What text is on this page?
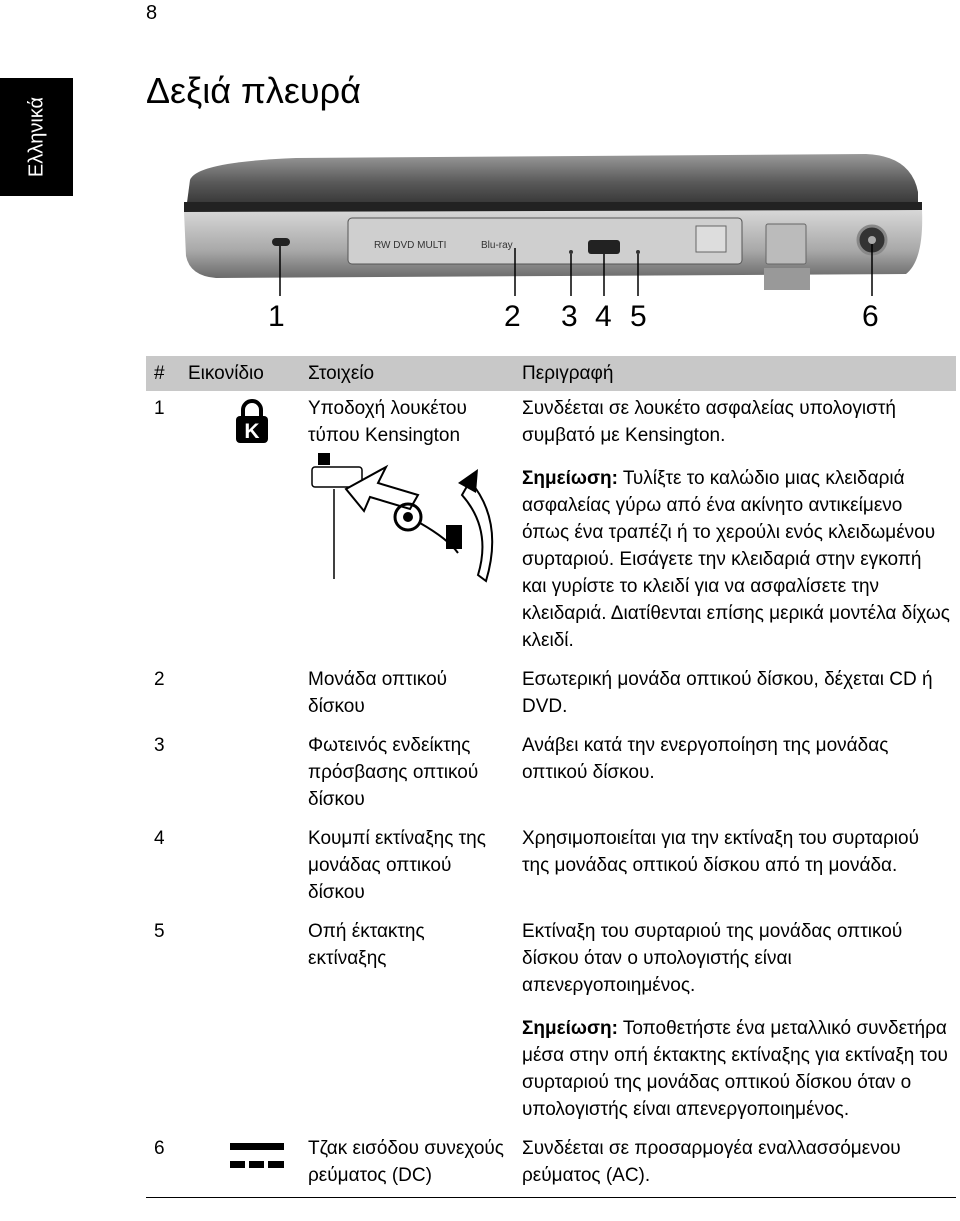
8
Ελληνικά
Δεξιά πλευρά
RW DVD MULTI	Blu-ray
1	2 3 4 5	6
#	Εικονίδιο	Στοιχείο	Περιγραφή
1	K	Υποδοχή λουκέτου τύπου Kensington	Συνδέεται σε λουκέτο ασφαλείας υπολογιστή συμβατό με Kensington.
Σημείωση: Τυλίξτε το καλώδιο μιας κλειδαριά ασφαλείας γύρω από ένα ακίνητο αντικείμενο όπως ένα τραπέζι ή το χερούλι ενός κλειδωμένου συρταριού. Εισάγετε την κλειδαριά στην εγκοπή και γυρίστε το κλειδί για να ασφαλίσετε την κλειδαριά. Διατίθενται επίσης μερικά μοντέλα δίχως κλειδί.

2		Μονάδα οπτικού δίσκου	Εσωτερική μονάδα οπτικού δίσκου, δέχεται CD ή DVD.
3		Φωτεινός ενδείκτης πρόσβασης οπτικού δίσκου	Ανάβει κατά την ενεργοποίηση της μονάδας οπτικού δίσκου.
4		Κουμπί εκτίναξης της μονάδας οπτικού δίσκου	Χρησιμοποιείται για την εκτίναξη του συρταριού της μονάδας οπτικού δίσκου από τη μονάδα.
5		Οπή έκτακτης εκτίναξης	Εκτίναξη του συρταριού της μονάδας οπτικού δίσκου όταν ο υπολογιστής είναι απενεργοποιημένος.
Σημείωση: Τοποθετήστε ένα μεταλλικό συνδετήρα μέσα στην οπή έκτακτης εκτίναξης για εκτίναξη του συρταριού της μονάδας οπτικού δίσκου όταν ο υπολογιστής είναι απενεργοποιημένος.

6		Τζακ εισόδου συνεχούς ρεύματος (DC)	Συνδέεται σε προσαρμογέα εναλλασσόμενου ρεύματος (AC).
